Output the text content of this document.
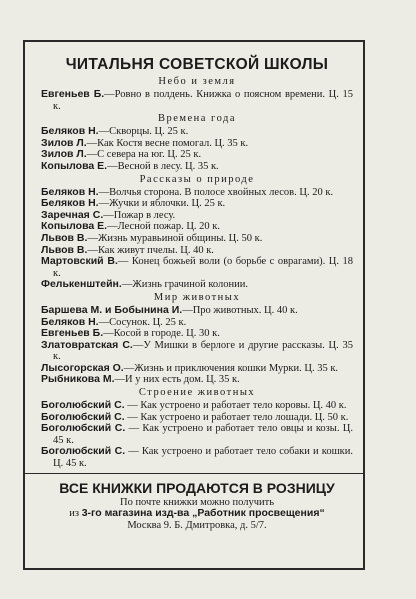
ЧИТАЛЬНЯ СОВЕТСКОЙ ШКОЛЫ
Небо и земля
Евгеньев Б.—Ровно в полдень. Книжка о поясном времени. Ц. 15 к.
Времена года
Беляков Н.—Скворцы. Ц. 25 к.
Зилов Л.—Как Костя весне помогал. Ц. 35 к.
Зилов Л.—С севера на юг. Ц. 25 к.
Копылова Е.—Весной в лесу. Ц. 35 к.
Рассказы о природе
Беляков Н.—Волчья сторона. В полосе хвойных лесов. Ц. 20 к.
Беляков Н.—Жучки и яблочки. Ц. 25 к.
Заречная С.—Пожар в лесу.
Копылова Е.—Лесной пожар. Ц. 20 к.
Львов В.—Жизнь муравьиной общины. Ц. 50 к.
Львов В.—Как живут пчелы. Ц. 40 к.
Мартовский В.— Конец божьей воли (о борьбе с оврагами). Ц. 18 к.
Фелькенштейн.—Жизнь грачиной колонии.
Мир животных
Баршева М. и Бобынина И.—Про животных. Ц. 40 к.
Беляков Н.—Сосунок. Ц. 25 к.
Евгеньев Б.—Косой в городе. Ц. 30 к.
Златовратская С.—У Мишки в берлоге и другие рассказы. Ц. 35 к.
Лысогорская О.—Жизнь и приключения кошки Мурки. Ц. 35 к.
Рыбникова М.—И у них есть дом. Ц. 35 к.
Строение животных
Боголюбский С. — Как устроено и работает тело коровы. Ц. 40 к.
Боголюбский С. — Как устроено и работает тело лошади. Ц. 50 к.
Боголюбский С. — Как устроено и работает тело овцы и козы. Ц. 45 к.
Боголюбский С. — Как устроено и работает тело собаки и кошки. Ц. 45 к.
ВСЕ КНИЖКИ ПРОДАЮТСЯ В РОЗНИЦУ
По почте книжки можно получить
из 3-го магазина изд-ва „Работник просвещения“
Москва 9. Б. Дмитровка, д. 5/7.
